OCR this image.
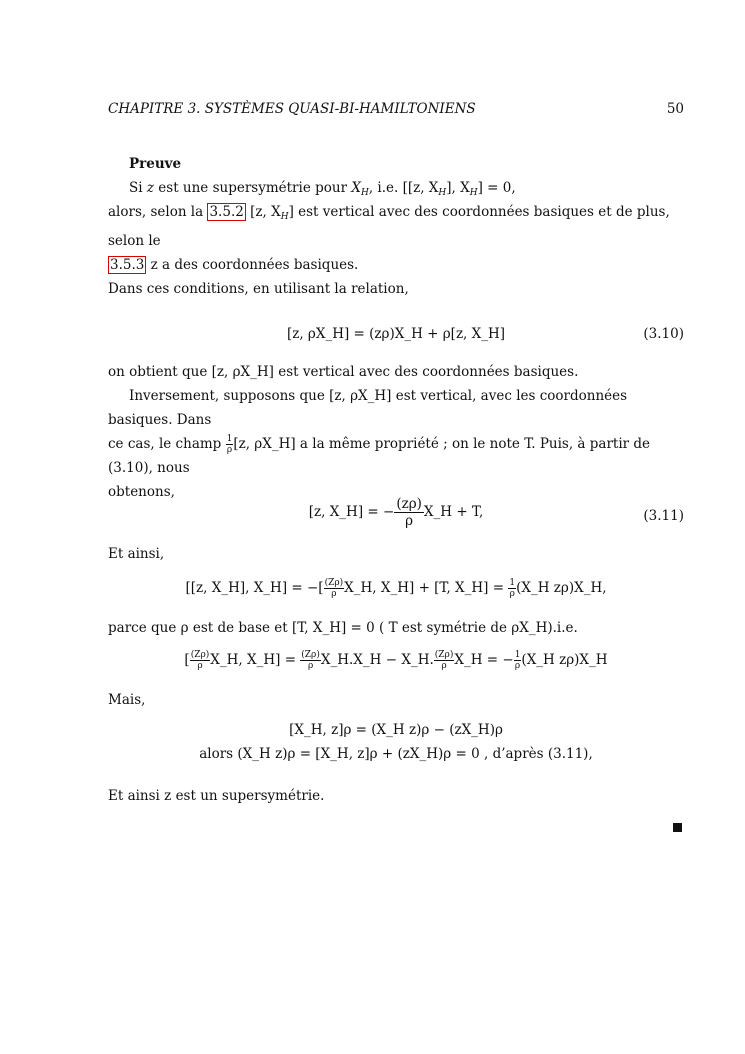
CHAPITRE 3. SYSTÈMES QUASI-BI-HAMILTONIENS	50
Preuve
Si z est une supersymétrie pour $X_H$, i.e. [[z, $X_H$], $X_H] = 0$,
alors, selon la 3.5.2 [z, $X_H$] est vertical avec des coordonnées basiques et de plus, selon le
3.5.3 z a des coordonnées basiques.
Dans ces conditions, en utilisant la relation,
[z, ρX_H] = (zρ)X_H + ρ[z, X_H]	(3.10)
on obtient que [z, ρX_H] est vertical avec des coordonnées basiques.
Inversement, supposons que [z, ρX_H] est vertical, avec les coordonnées basiques. Dans
ce cas, le champ $\frac{1}{\rho} [z$, ρX_H] a la même propriété ; on le note T. Puis, à partir de (3.10), nous
obtenons,
[z, X_H] = − $\frac{(z\rho)}{\rho}$ X_H + T,	(3.11)
Et ainsi,
[[z, X_H], X_H] = −[ $\frac{(Z\rho)}{\rho}$ X_H, X_H] + [T, X_H] = $\frac{1}{\rho}$ (X_H zρ)X_H,
parce que ρ est de base et [T, X_H] = 0 ( T est symétrie de ρX_H).i.e.
[ $\frac{(Z\rho)}{\rho}$ X_H, X_H] = $\frac{(Z\rho)}{\rho}$ X_H.X_H − X_H. $\frac{(Z\rho)}{\rho}$ X_H = − $\frac{1}{\rho}$ (X_H zρ)X_H
Mais,
[X_H, z]ρ = (X_H z)ρ − (zX_H)ρ
alors (X_H z)ρ = [X_H, z]ρ + (zX_H)ρ = 0 , d’après (3.11),
Et ainsi z est un supersymétrie.
